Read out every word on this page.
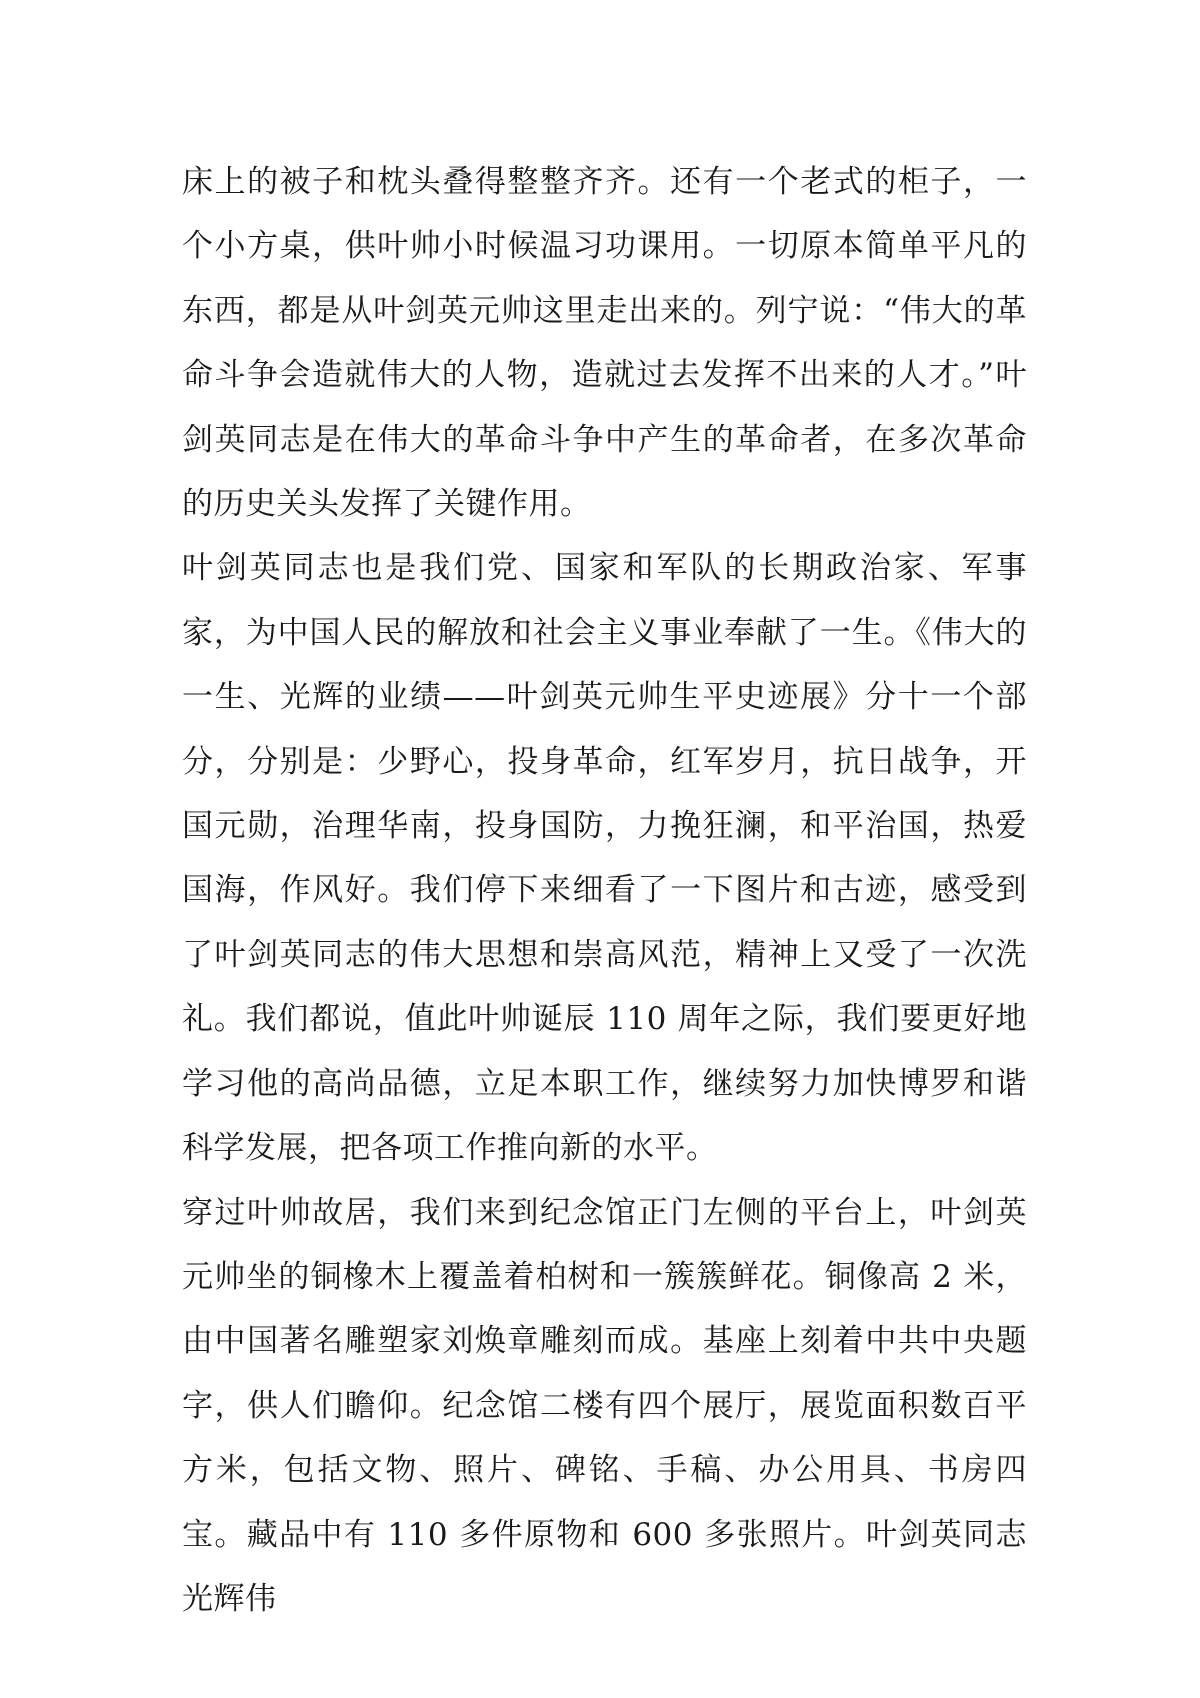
床上的被子和枕头叠得整整齐齐。还有一个老式的柜子，一个小方桌，供叶帅小时候温习功课用。一切原本简单平凡的东西，都是从叶剑英元帅这里走出来的。列宁说：“伟大的革命斗争会造就伟大的人物，造就过去发挥不出来的人才。”叶剑英同志是在伟大的革命斗争中产生的革命者，在多次革命的历史关头发挥了关键作用。

叶剑英同志也是我们党、国家和军队的长期政治家、军事家，为中国人民的解放和社会主义事业奉献了一生。《伟大的一生、光辉的业绩——叶剑英元帅生平史迹展》分十一个部分，分别是：少野心，投身革命，红军岁月，抗日战争，开国元勋，治理华南，投身国防，力挽狂澜，和平治国，热爱国海，作风好。我们停下来细看了一下图片和古迹，感受到了叶剑英同志的伟大思想和崇高风范，精神上又受了一次洗礼。我们都说，值此叶帅诞辰 110 周年之际，我们要更好地学习他的高尚品德，立足本职工作，继续努力加快博罗和谐科学发展，把各项工作推向新的水平。

穿过叶帅故居，我们来到纪念馆正门左侧的平台上，叶剑英元帅坐的铜橡木上覆盖着柏树和一簇簇鲜花。铜像高 2 米，由中国著名雕塑家刘焕章雕刻而成。基座上刻着中共中央题字，供人们瞻仰。纪念馆二楼有四个展厅，展览面积数百平方米，包括文物、照片、碑铭、手稿、办公用具、书房四宝。藏品中有 110 多件原物和 600 多张照片。叶剑英同志光辉伟
